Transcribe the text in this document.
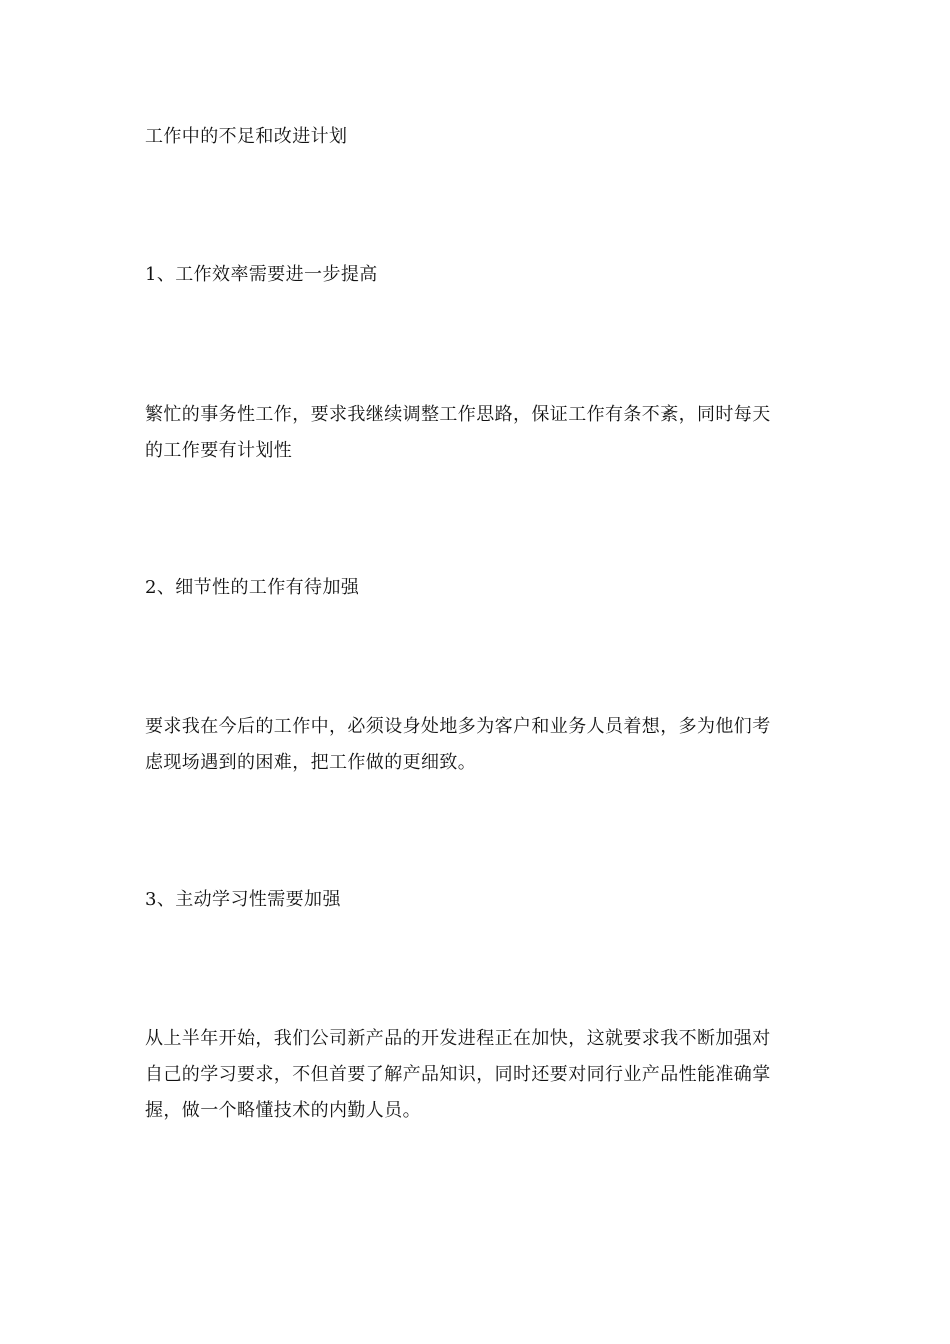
工作中的不足和改进计划
1、工作效率需要进一步提高
繁忙的事务性工作，要求我继续调整工作思路，保证工作有条不紊，同时每天
的工作要有计划性
2、细节性的工作有待加强
要求我在今后的工作中，必须设身处地多为客户和业务人员着想，多为他们考
虑现场遇到的困难，把工作做的更细致。
3、主动学习性需要加强
从上半年开始，我们公司新产品的开发进程正在加快，这就要求我不断加强对
自己的学习要求，不但首要了解产品知识，同时还要对同行业产品性能准确掌
握，做一个略懂技术的内勤人员。
